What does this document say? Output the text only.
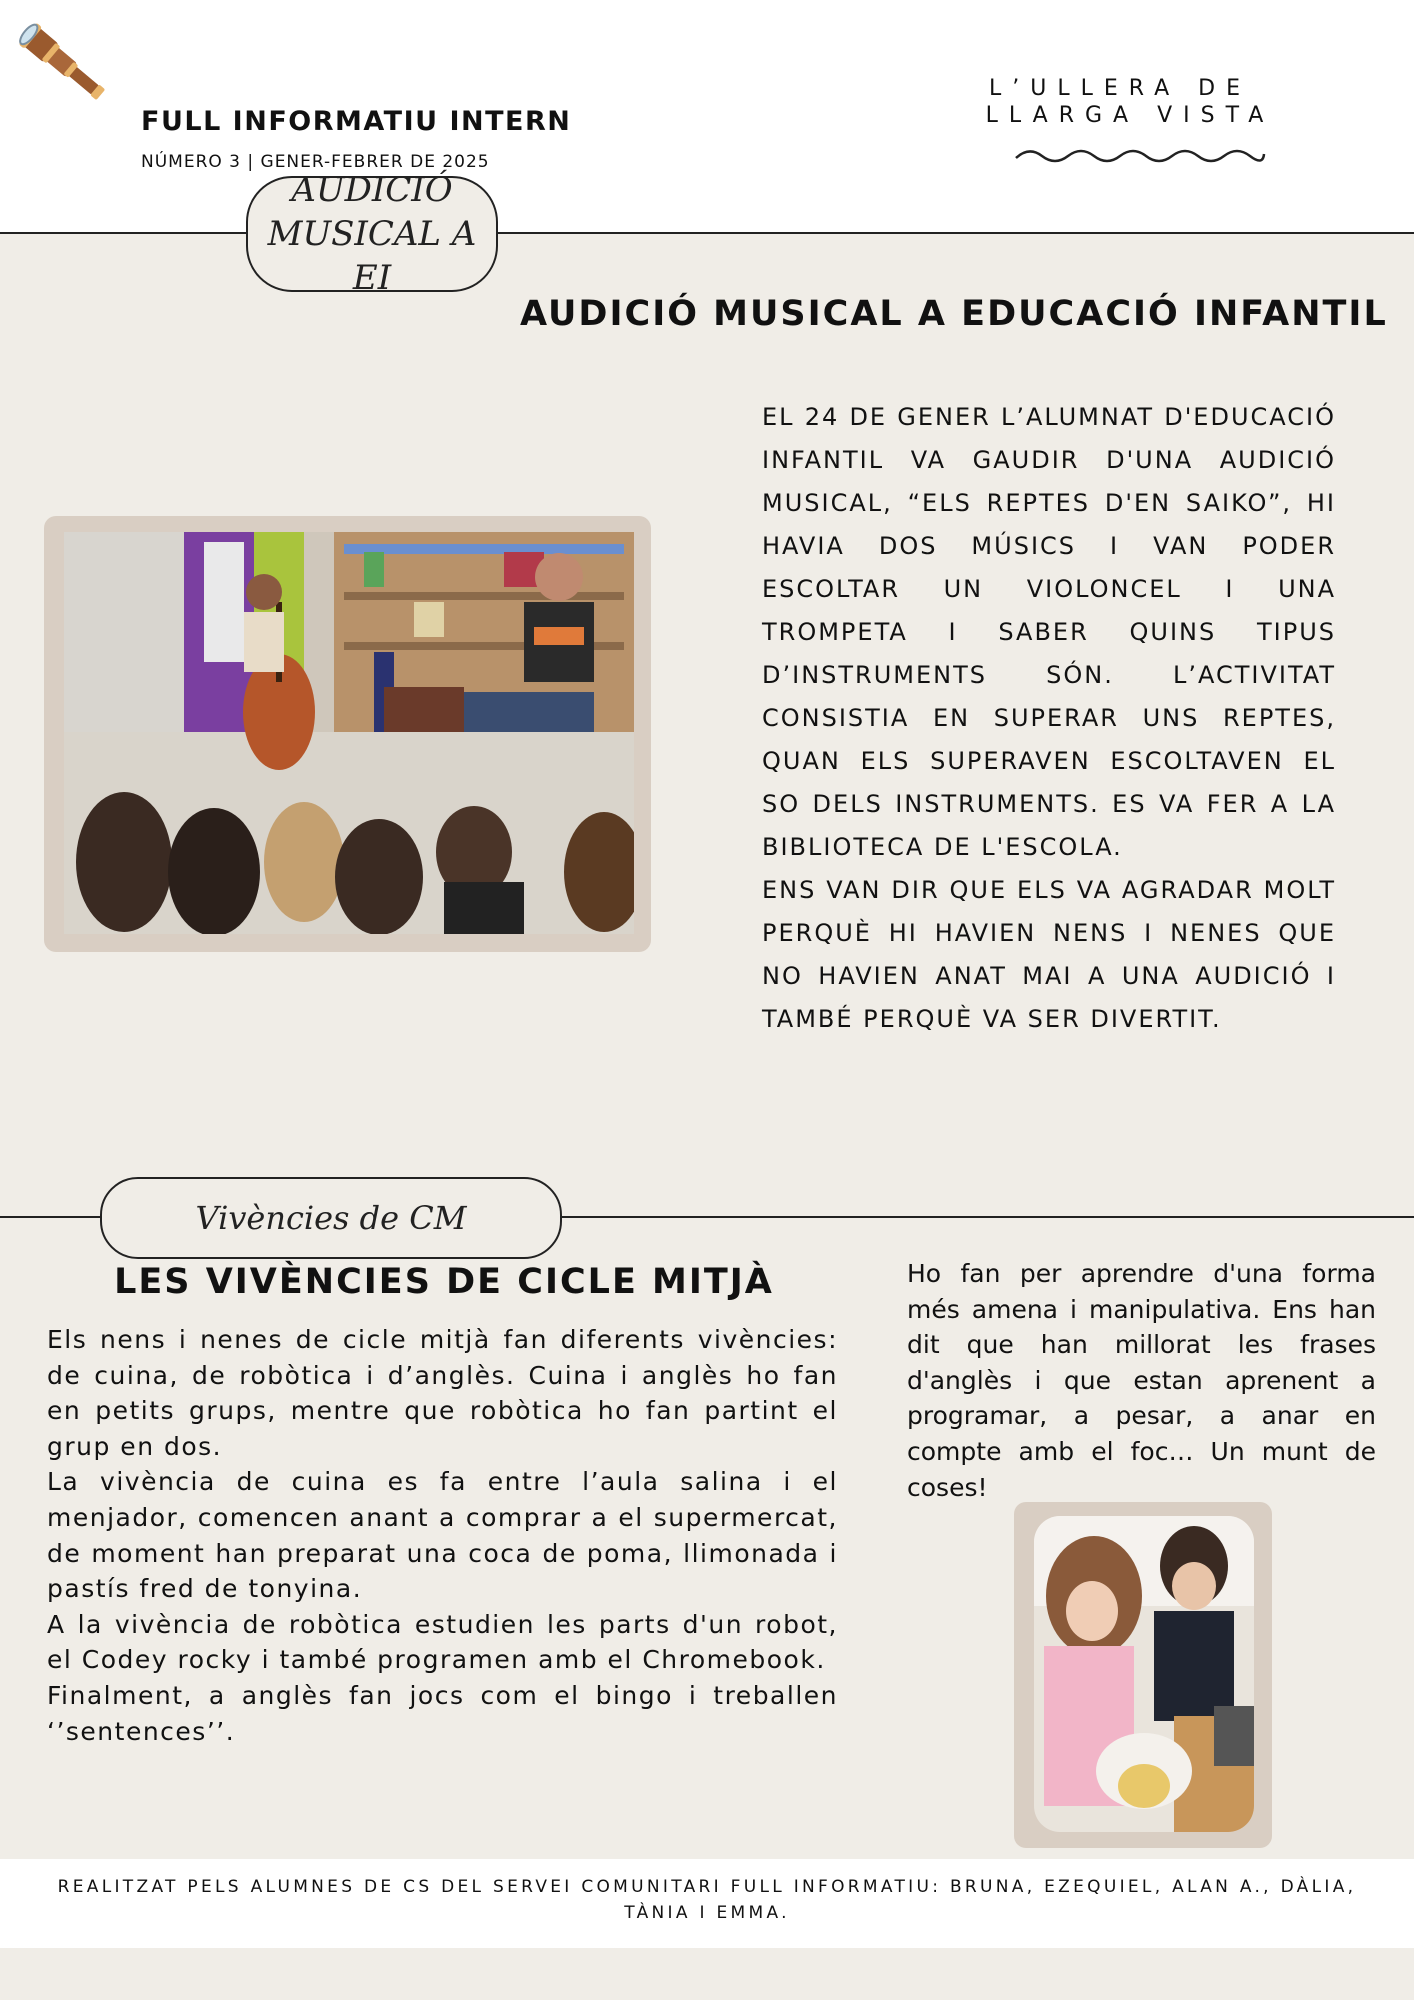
FULL INFORMATIU INTERN
NÚMERO 3 | GENER-FEBRER DE 2025
L’ULLERA DE
LLARGA VISTA
AUDICIÓ
MUSICAL A EI
AUDICIÓ MUSICAL A EDUCACIÓ INFANTIL
EL 24 DE GENER L’ALUMNAT D'EDUCACIÓ INFANTIL VA GAUDIR D'UNA AUDICIÓ MUSICAL, “ELS REPTES D'EN SAIKO”, HI HAVIA DOS MÚSICS I VAN PODER ESCOLTAR UN VIOLONCEL I UNA TROMPETA I SABER QUINS TIPUS D’INSTRUMENTS SÓN. L’ACTIVITAT CONSISTIA EN SUPERAR UNS REPTES, QUAN ELS SUPERAVEN ESCOLTAVEN EL SO DELS INSTRUMENTS. ES VA FER A LA BIBLIOTECA DE L'ESCOLA.
ENS VAN DIR QUE ELS VA AGRADAR MOLT PERQUÈ HI HAVIEN NENS I NENES QUE NO HAVIEN ANAT MAI A UNA AUDICIÓ I TAMBÉ PERQUÈ VA SER DIVERTIT.
Vivències de CM
LES VIVÈNCIES DE CICLE MITJÀ
Els nens i nenes de cicle mitjà fan diferents vivències: de cuina, de robòtica i d’anglès. Cuina i anglès ho fan en petits grups, mentre que robòtica ho fan partint el grup en dos.
La vivència de cuina es fa entre l’aula salina i el menjador, comencen anant a comprar a el supermercat, de moment han preparat una coca de poma, llimonada i pastís fred de tonyina.
A la vivència de robòtica estudien les parts d'un robot, el Codey rocky i també programen amb el Chromebook.
Finalment, a anglès fan jocs com el bingo i treballen ‘’sentences’’.
Ho fan per aprendre d'una forma més amena i manipulativa. Ens han dit que han millorat les frases d'anglès i que estan aprenent a programar, a pesar, a anar en compte amb el foc… Un munt de coses!
REALITZAT PELS ALUMNES DE CS DEL SERVEI COMUNITARI FULL INFORMATIU: BRUNA, EZEQUIEL, ALAN A., DÀLIA, TÀNIA I EMMA.
